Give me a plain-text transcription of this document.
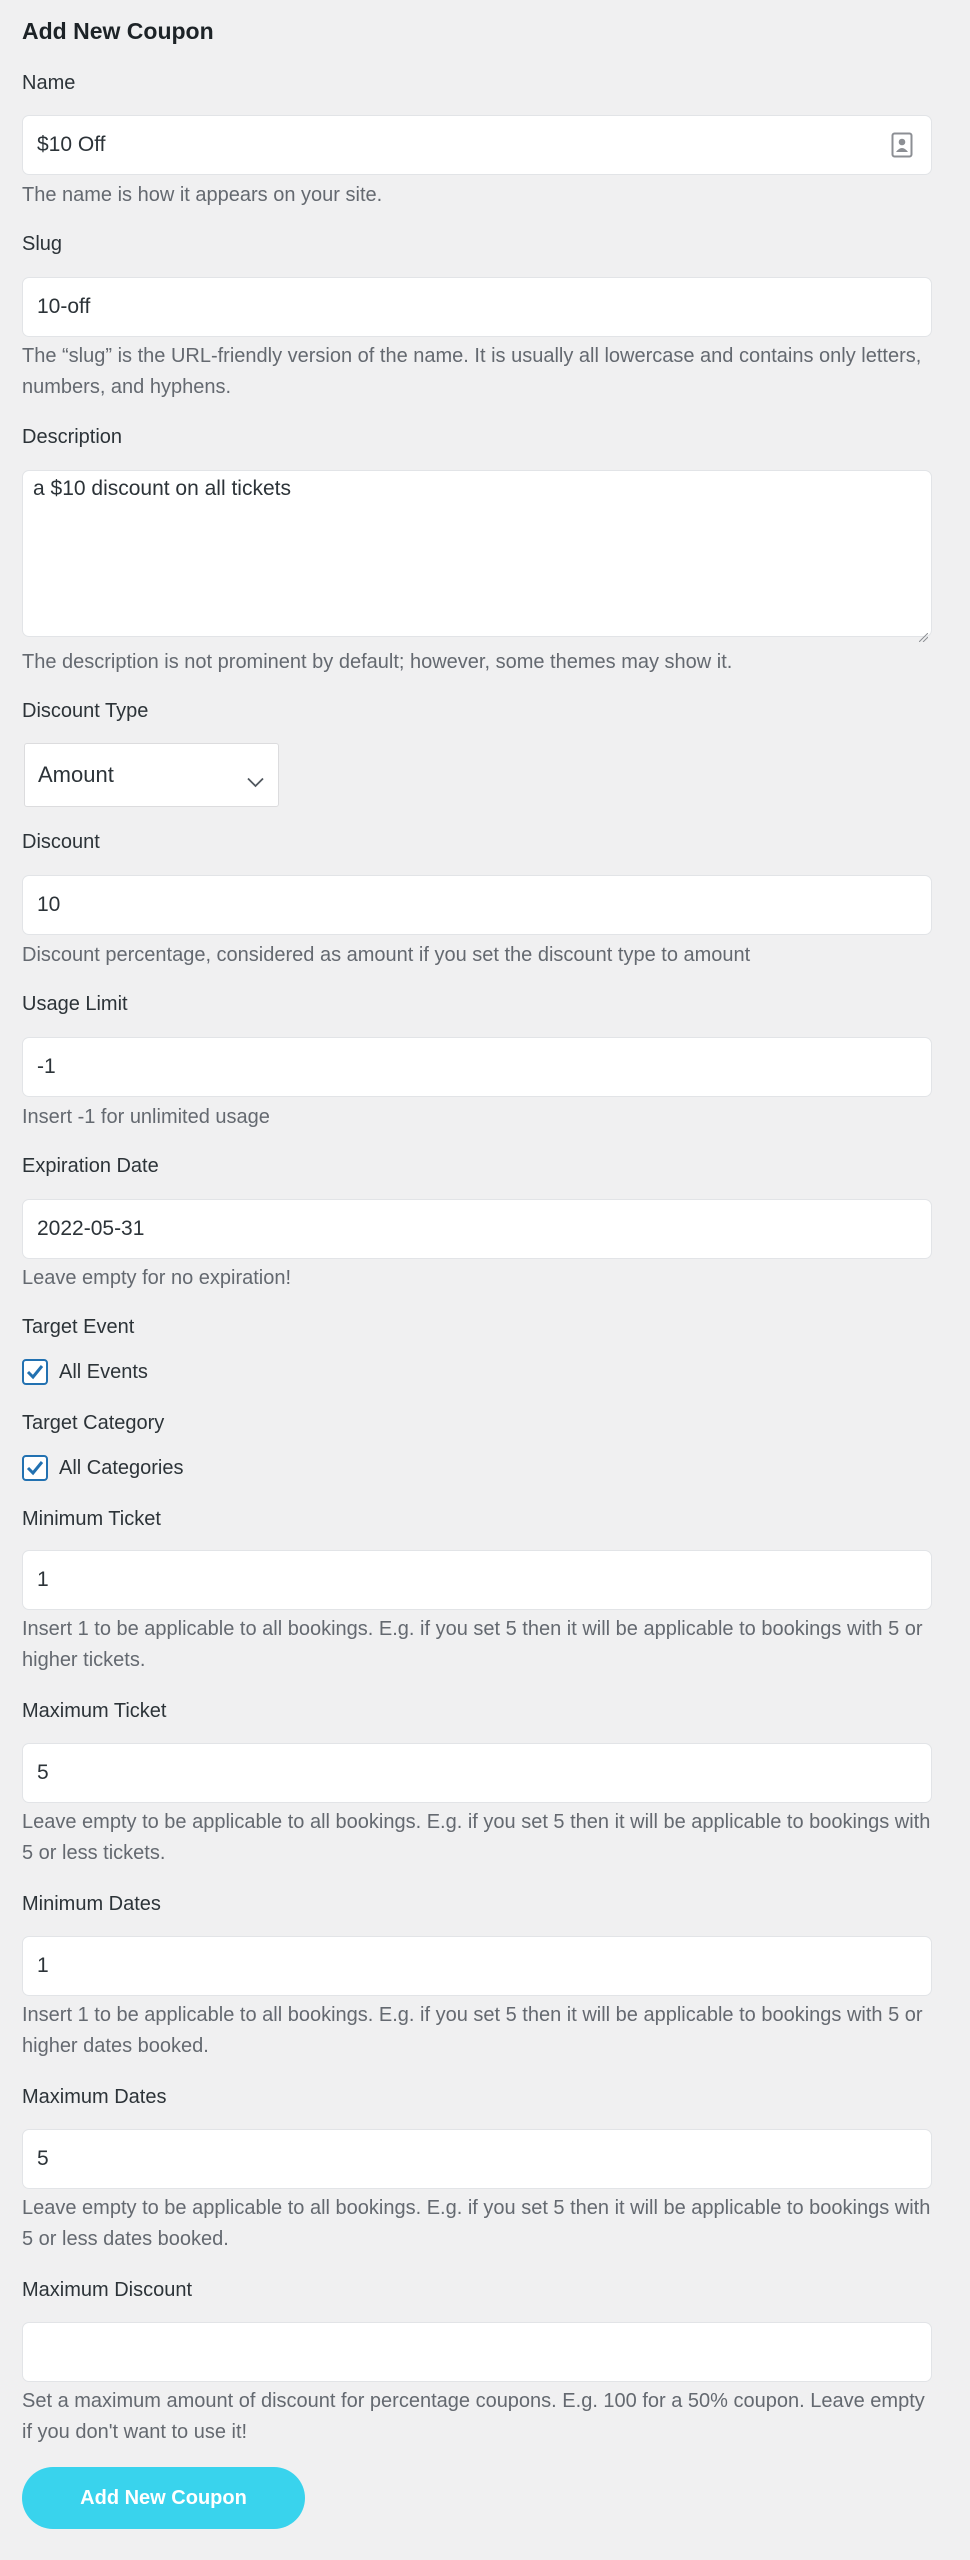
Add New Coupon
Name
$10 Off
The name is how it appears on your site.
Slug
10-off
The “slug” is the URL-friendly version of the name. It is usually all lowercase and contains only letters, numbers, and hyphens.
Description
a $10 discount on all tickets
The description is not prominent by default; however, some themes may show it.
Discount Type
Amount
Discount
10
Discount percentage, considered as amount if you set the discount type to amount
Usage Limit
-1
Insert -1 for unlimited usage
Expiration Date
2022-05-31
Leave empty for no expiration!
Target Event
All Events
Target Category
All Categories
Minimum Ticket
1
Insert 1 to be applicable to all bookings. E.g. if you set 5 then it will be applicable to bookings with 5 or higher tickets.
Maximum Ticket
5
Leave empty to be applicable to all bookings. E.g. if you set 5 then it will be applicable to bookings with 5 or less tickets.
Minimum Dates
1
Insert 1 to be applicable to all bookings. E.g. if you set 5 then it will be applicable to bookings with 5 or higher dates booked.
Maximum Dates
5
Leave empty to be applicable to all bookings. E.g. if you set 5 then it will be applicable to bookings with 5 or less dates booked.
Maximum Discount
Set a maximum amount of discount for percentage coupons. E.g. 100 for a 50% coupon. Leave empty if you don't want to use it!
Add New Coupon
